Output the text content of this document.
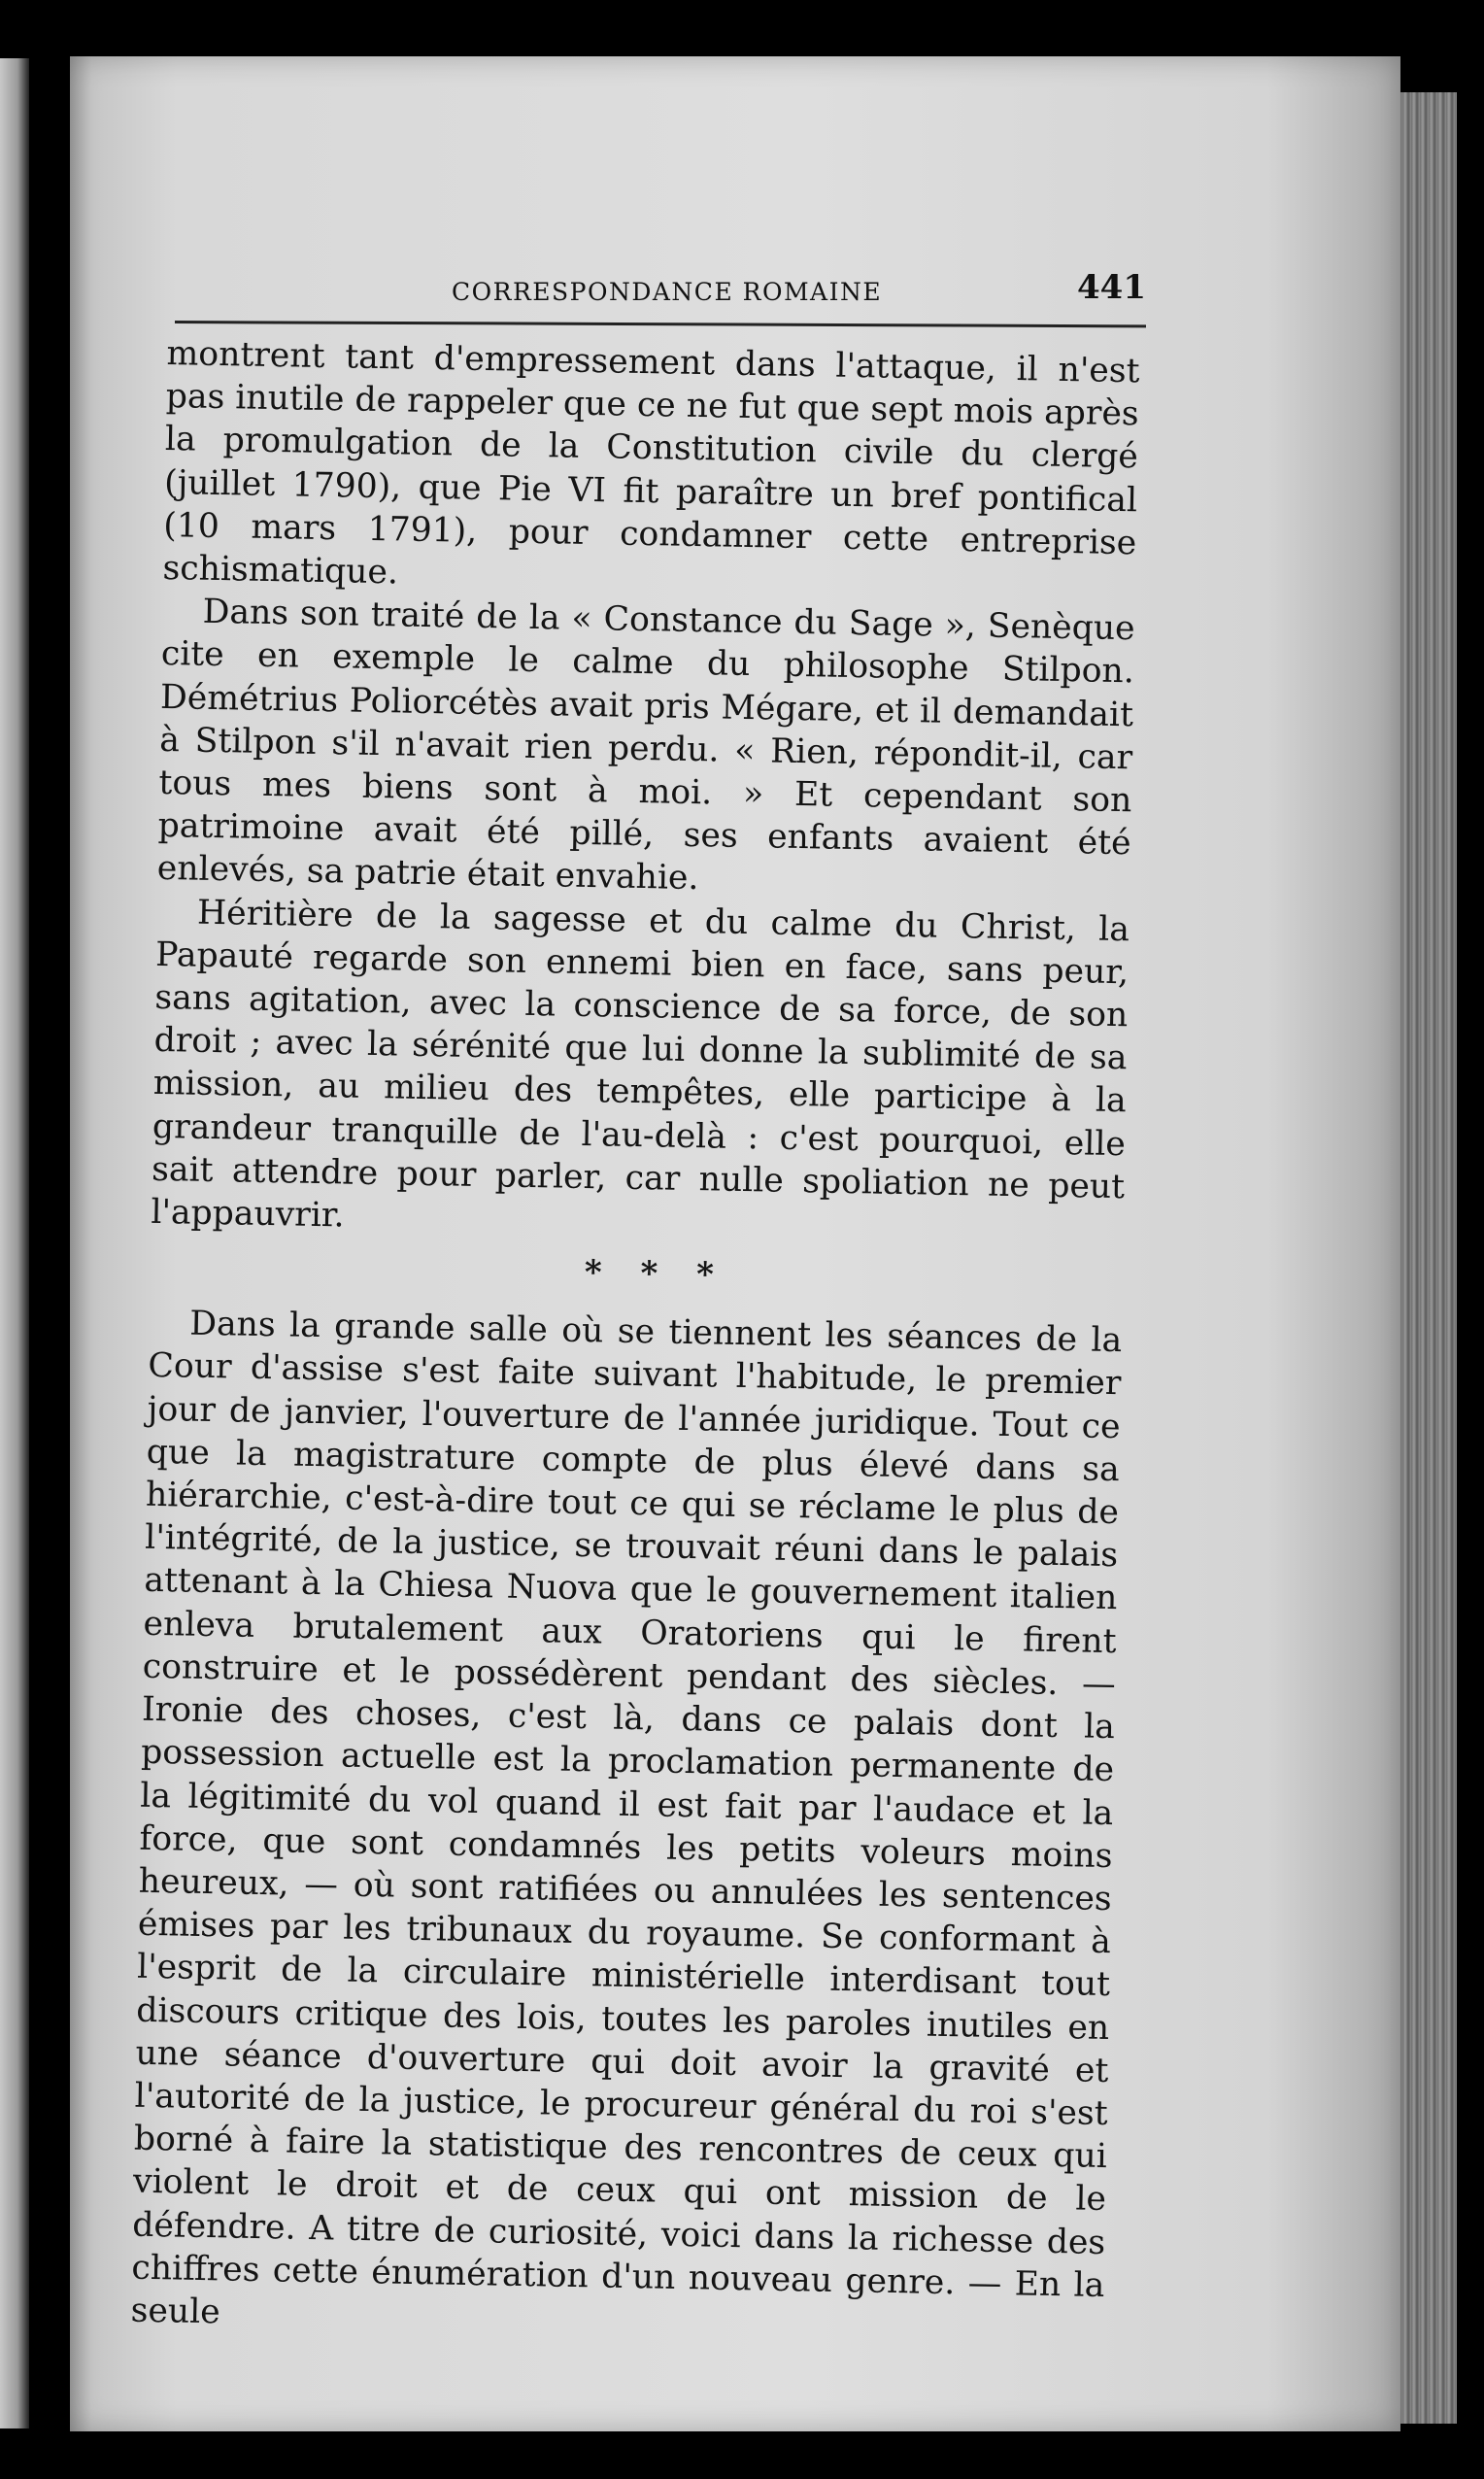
CORRESPONDANCE ROMAINE	441

montrent tant d'empressement dans l'attaque, il n'est pas inutile de rappeler que ce ne fut que sept mois après la promulgation de la Constitution civile du clergé (juillet 1790), que Pie VI fit paraître un bref pontifical (10 mars 1791), pour condamner cette entreprise schismatique.

Dans son traité de la « Constance du Sage », Senèque cite en exemple le calme du philosophe Stilpon. Démétrius Poliorcétès avait pris Mégare, et il demandait à Stilpon s'il n'avait rien perdu. « Rien, répondit-il, car tous mes biens sont à moi. » Et cependant son patrimoine avait été pillé, ses enfants avaient été enlevés, sa patrie était envahie.

Héritière de la sagesse et du calme du Christ, la Papauté regarde son ennemi bien en face, sans peur, sans agitation, avec la conscience de sa force, de son droit ; avec la sérénité que lui donne la sublimité de sa mission, au milieu des tempêtes, elle participe à la grandeur tranquille de l'au-delà : c'est pourquoi, elle sait attendre pour parler, car nulle spoliation ne peut l'appauvrir.

* * *

Dans la grande salle où se tiennent les séances de la Cour d'assise s'est faite suivant l'habitude, le premier jour de janvier, l'ouverture de l'année juridique. Tout ce que la magistrature compte de plus élevé dans sa hiérarchie, c'est-à-dire tout ce qui se réclame le plus de l'intégrité, de la justice, se trouvait réuni dans le palais attenant à la Chiesa Nuova que le gouvernement italien enleva brutalement aux Oratoriens qui le firent construire et le possédèrent pendant des siècles. — Ironie des choses, c'est là, dans ce palais dont la possession actuelle est la proclamation permanente de la légitimité du vol quand il est fait par l'audace et la force, que sont condamnés les petits voleurs moins heureux, — où sont ratifiées ou annulées les sentences émises par les tribunaux du royaume. Se conformant à l'esprit de la circulaire ministérielle interdisant tout discours critique des lois, toutes les paroles inutiles en une séance d'ouverture qui doit avoir la gravité et l'autorité de la justice, le procureur général du roi s'est borné à faire la statistique des rencontres de ceux qui violent le droit et de ceux qui ont mission de le défendre. A titre de curiosité, voici dans la richesse des chiffres cette énumération d'un nouveau genre. — En la seule
